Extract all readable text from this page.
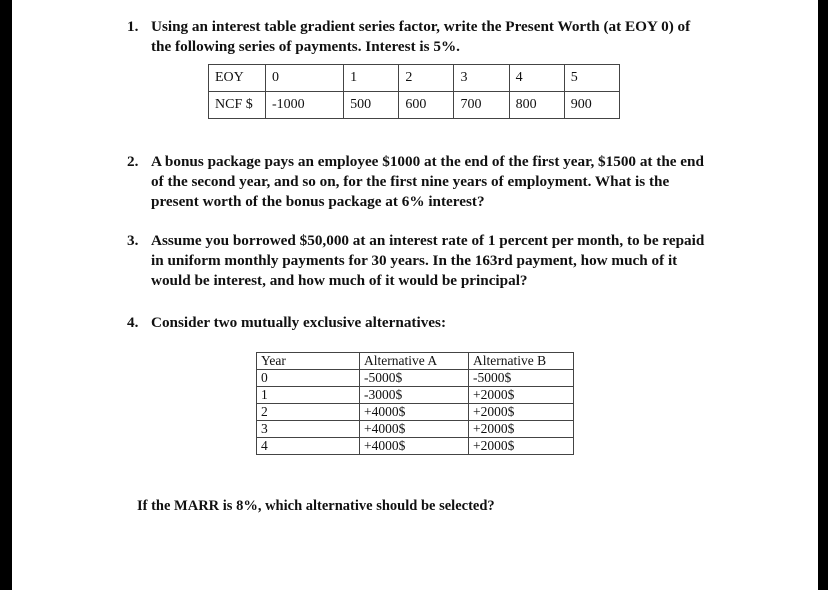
1. Using an interest table gradient series factor, write the Present Worth (at EOY 0) of
the following series of payments. Interest is 5%.
EOY	0	1	2	3	4	5
NCF $	-1000	500	600	700	800	900
2. A bonus package pays an employee $1000 at the end of the first year, $1500 at the end
of the second year, and so on, for the first nine years of employment. What is the
present worth of the bonus package at 6% interest?
3. Assume you borrowed $50,000 at an interest rate of 1 percent per month, to be repaid
in uniform monthly payments for 30 years. In the 163rd payment, how much of it
would be interest, and how much of it would be principal?
4. Consider two mutually exclusive alternatives:
Year	Alternative A	Alternative B
0	-5000$	-5000$
1	-3000$	+2000$
2	+4000$	+2000$
3	+4000$	+2000$
4	+4000$	+2000$
If the MARR is 8%, which alternative should be selected?
